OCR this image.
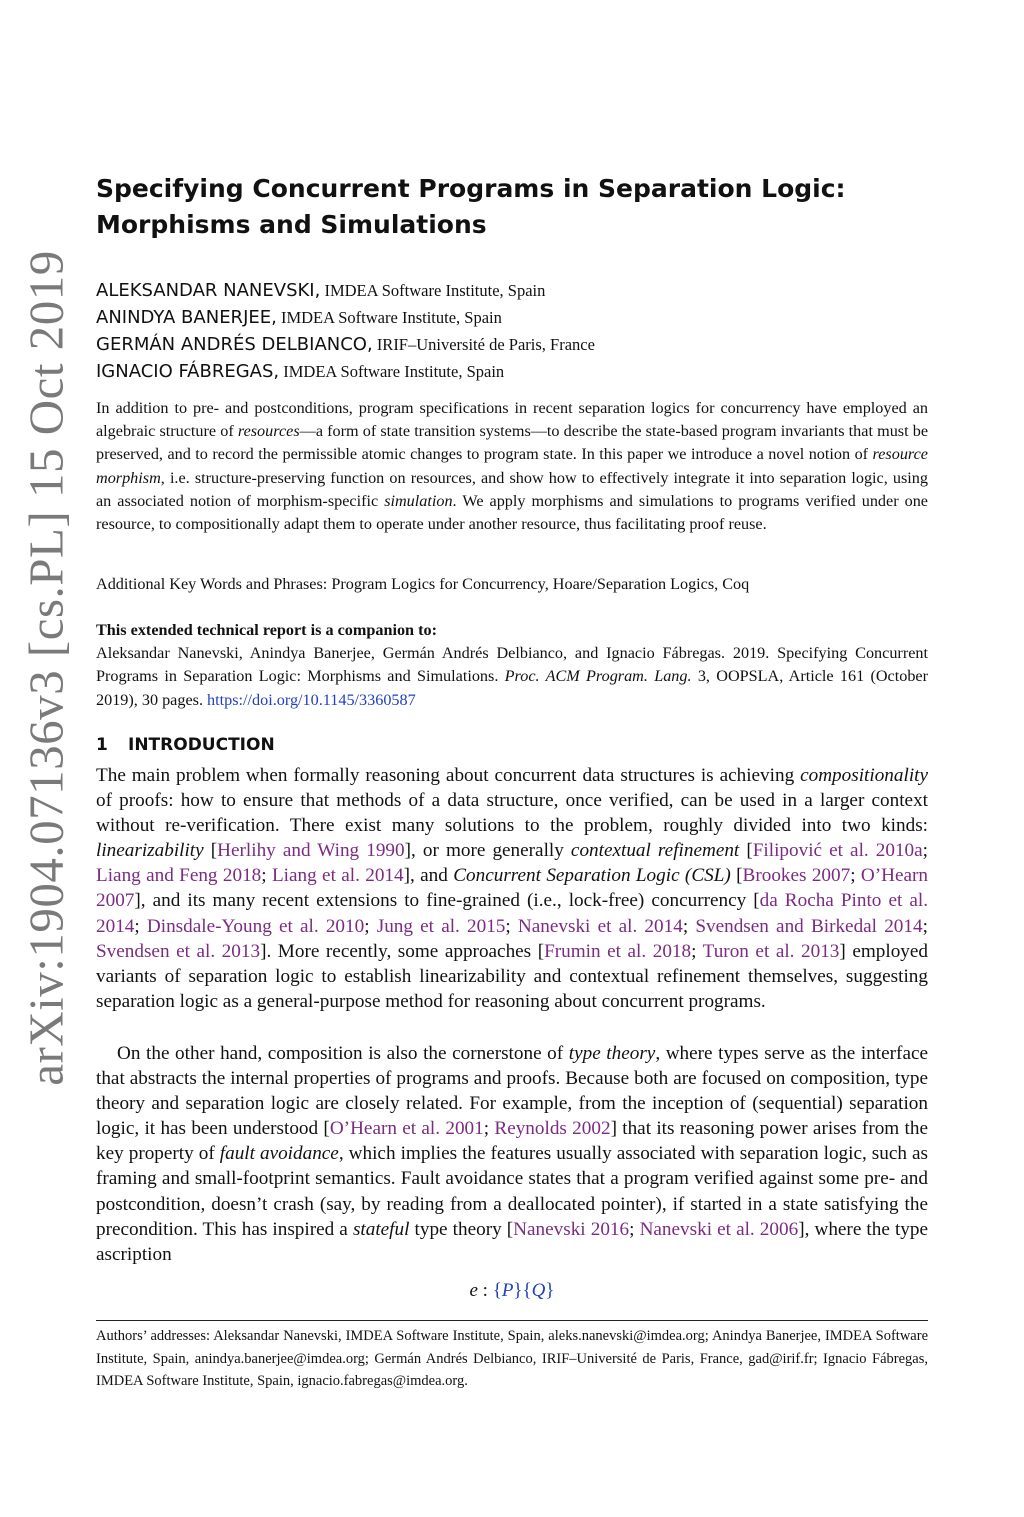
arXiv:1904.07136v3 [cs.PL] 15 Oct 2019
Specifying Concurrent Programs in Separation Logic:
Morphisms and Simulations
ALEKSANDAR NANEVSKI, IMDEA Software Institute, Spain
ANINDYA BANERJEE, IMDEA Software Institute, Spain
GERMÁN ANDRÉS DELBIANCO, IRIF–Université de Paris, France
IGNACIO FÁBREGAS, IMDEA Software Institute, Spain

In addition to pre- and postconditions, program specifications in recent separation logics for concurrency have employed an algebraic structure of resources—a form of state transition systems—to describe the state-based program invariants that must be preserved, and to record the permissible atomic changes to program state. In this paper we introduce a novel notion of resource morphism, i.e. structure-preserving function on resources, and show how to effectively integrate it into separation logic, using an associated notion of morphism-specific simulation. We apply morphisms and simulations to programs verified under one resource, to compositionally adapt them to operate under another resource, thus facilitating proof reuse.

Additional Key Words and Phrases: Program Logics for Concurrency, Hoare/Separation Logics, Coq

This extended technical report is a companion to:
Aleksandar Nanevski, Anindya Banerjee, Germán Andrés Delbianco, and Ignacio Fábregas. 2019. Specifying Concurrent Programs in Separation Logic: Morphisms and Simulations. Proc. ACM Program. Lang. 3, OOPSLA, Article 161 (October 2019), 30 pages. https://doi.org/10.1145/3360587

1 INTRODUCTION

The main problem when formally reasoning about concurrent data structures is achieving compositionality of proofs: how to ensure that methods of a data structure, once verified, can be used in a larger context without re-verification. There exist many solutions to the problem, roughly divided into two kinds: linearizability [Herlihy and Wing 1990], or more generally contextual refinement [Filipović et al. 2010a; Liang and Feng 2018; Liang et al. 2014], and Concurrent Separation Logic (CSL) [Brookes 2007; O’Hearn 2007], and its many recent extensions to fine-grained (i.e., lock-free) concurrency [da Rocha Pinto et al. 2014; Dinsdale-Young et al. 2010; Jung et al. 2015; Nanevski et al. 2014; Svendsen and Birkedal 2014; Svendsen et al. 2013]. More recently, some approaches [Frumin et al. 2018; Turon et al. 2013] employed variants of separation logic to establish linearizability and contextual refinement themselves, suggesting separation logic as a general-purpose method for reasoning about concurrent programs.

On the other hand, composition is also the cornerstone of type theory, where types serve as the interface that abstracts the internal properties of programs and proofs. Because both are focused on composition, type theory and separation logic are closely related. For example, from the inception of (sequential) separation logic, it has been understood [O’Hearn et al. 2001; Reynolds 2002] that its reasoning power arises from the key property of fault avoidance, which implies the features usually associated with separation logic, such as framing and small-footprint semantics. Fault avoidance states that a program verified against some pre- and postcondition, doesn’t crash (say, by reading from a deallocated pointer), if started in a state satisfying the precondition. This has inspired a stateful type theory [Nanevski 2016; Nanevski et al. 2006], where the type ascription

e : {P}{Q}

Authors’ addresses: Aleksandar Nanevski, IMDEA Software Institute, Spain, aleks.nanevski@imdea.org; Anindya Banerjee, IMDEA Software Institute, Spain, anindya.banerjee@imdea.org; Germán Andrés Delbianco, IRIF–Université de Paris, France, gad@irif.fr; Ignacio Fábregas, IMDEA Software Institute, Spain, ignacio.fabregas@imdea.org.
